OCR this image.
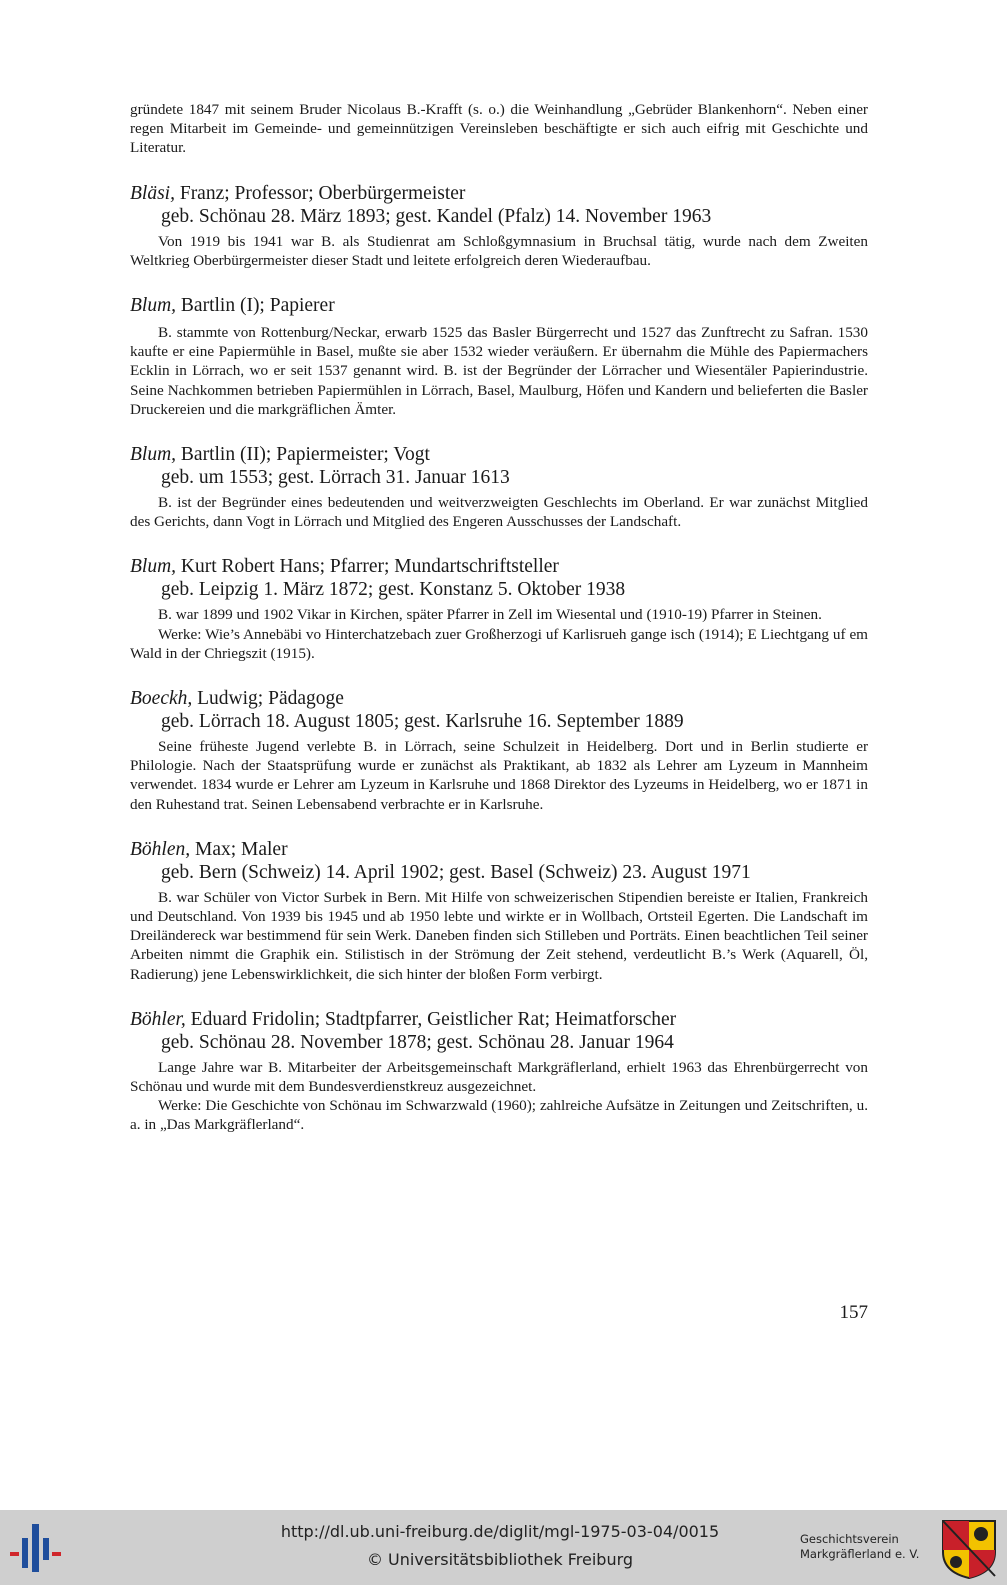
gründete 1847 mit seinem Bruder Nicolaus B.-Krafft (s. o.) die Weinhandlung „Gebrüder Blankenhorn“. Neben einer regen Mitarbeit im Gemeinde- und gemeinnützigen Vereinsleben beschäftigte er sich auch eifrig mit Geschichte und Literatur.

Bläsi, Franz; Professor; Oberbürgermeister

geb. Schönau 28. März 1893; gest. Kandel (Pfalz) 14. November 1963

Von 1919 bis 1941 war B. als Studienrat am Schloßgymnasium in Bruchsal tätig, wurde nach dem Zweiten Weltkrieg Oberbürgermeister dieser Stadt und leitete erfolgreich deren Wiederaufbau.

Blum, Bartlin (I); Papierer

B. stammte von Rottenburg/Neckar, erwarb 1525 das Basler Bürgerrecht und 1527 das Zunftrecht zu Safran. 1530 kaufte er eine Papiermühle in Basel, mußte sie aber 1532 wieder veräußern. Er übernahm die Mühle des Papiermachers Ecklin in Lörrach, wo er seit 1537 genannt wird. B. ist der Begründer der Lörracher und Wiesentäler Papierindustrie. Seine Nachkommen betrieben Papiermühlen in Lörrach, Basel, Maulburg, Höfen und Kandern und belieferten die Basler Druckereien und die markgräflichen Ämter.

Blum, Bartlin (II); Papiermeister; Vogt

geb. um 1553; gest. Lörrach 31. Januar 1613

B. ist der Begründer eines bedeutenden und weitverzweigten Geschlechts im Oberland. Er war zunächst Mitglied des Gerichts, dann Vogt in Lörrach und Mitglied des Engeren Ausschusses der Landschaft.

Blum, Kurt Robert Hans; Pfarrer; Mundartschriftsteller

geb. Leipzig 1. März 1872; gest. Konstanz 5. Oktober 1938

B. war 1899 und 1902 Vikar in Kirchen, später Pfarrer in Zell im Wiesental und (1910-19) Pfarrer in Steinen.

Werke: Wie’s Annebäbi vo Hinterchatzebach zuer Großherzogi uf Karlisrueh gange isch (1914); E Liechtgang uf em Wald in der Chriegszit (1915).

Boeckh, Ludwig; Pädagoge

geb. Lörrach 18. August 1805; gest. Karlsruhe 16. September 1889

Seine früheste Jugend verlebte B. in Lörrach, seine Schulzeit in Heidelberg. Dort und in Berlin studierte er Philologie. Nach der Staatsprüfung wurde er zunächst als Praktikant, ab 1832 als Lehrer am Lyzeum in Mannheim verwendet. 1834 wurde er Lehrer am Lyzeum in Karlsruhe und 1868 Direktor des Lyzeums in Heidelberg, wo er 1871 in den Ruhestand trat. Seinen Lebensabend verbrachte er in Karlsruhe.

Böhlen, Max; Maler

geb. Bern (Schweiz) 14. April 1902; gest. Basel (Schweiz) 23. August 1971

B. war Schüler von Victor Surbek in Bern. Mit Hilfe von schweizerischen Stipendien bereiste er Italien, Frankreich und Deutschland. Von 1939 bis 1945 und ab 1950 lebte und wirkte er in Wollbach, Ortsteil Egerten. Die Landschaft im Dreiländereck war bestimmend für sein Werk. Daneben finden sich Stilleben und Porträts. Einen beachtlichen Teil seiner Arbeiten nimmt die Graphik ein. Stilistisch in der Strömung der Zeit stehend, verdeutlicht B.’s Werk (Aquarell, Öl, Radierung) jene Lebenswirklichkeit, die sich hinter der bloßen Form verbirgt.

Böhler, Eduard Fridolin; Stadtpfarrer, Geistlicher Rat; Heimatforscher

geb. Schönau 28. November 1878; gest. Schönau 28. Januar 1964

Lange Jahre war B. Mitarbeiter der Arbeitsgemeinschaft Markgräflerland, erhielt 1963 das Ehrenbürgerrecht von Schönau und wurde mit dem Bundesverdienstkreuz ausgezeichnet.

Werke: Die Geschichte von Schönau im Schwarzwald (1960); zahlreiche Aufsätze in Zeitungen und Zeitschriften, u. a. in „Das Markgräflerland“.

157
http://dl.ub.uni-freiburg.de/diglit/mgl-1975-03-04/0015
© Universitätsbibliothek Freiburg
Geschichtsverein
Markgräflerland e. V.
